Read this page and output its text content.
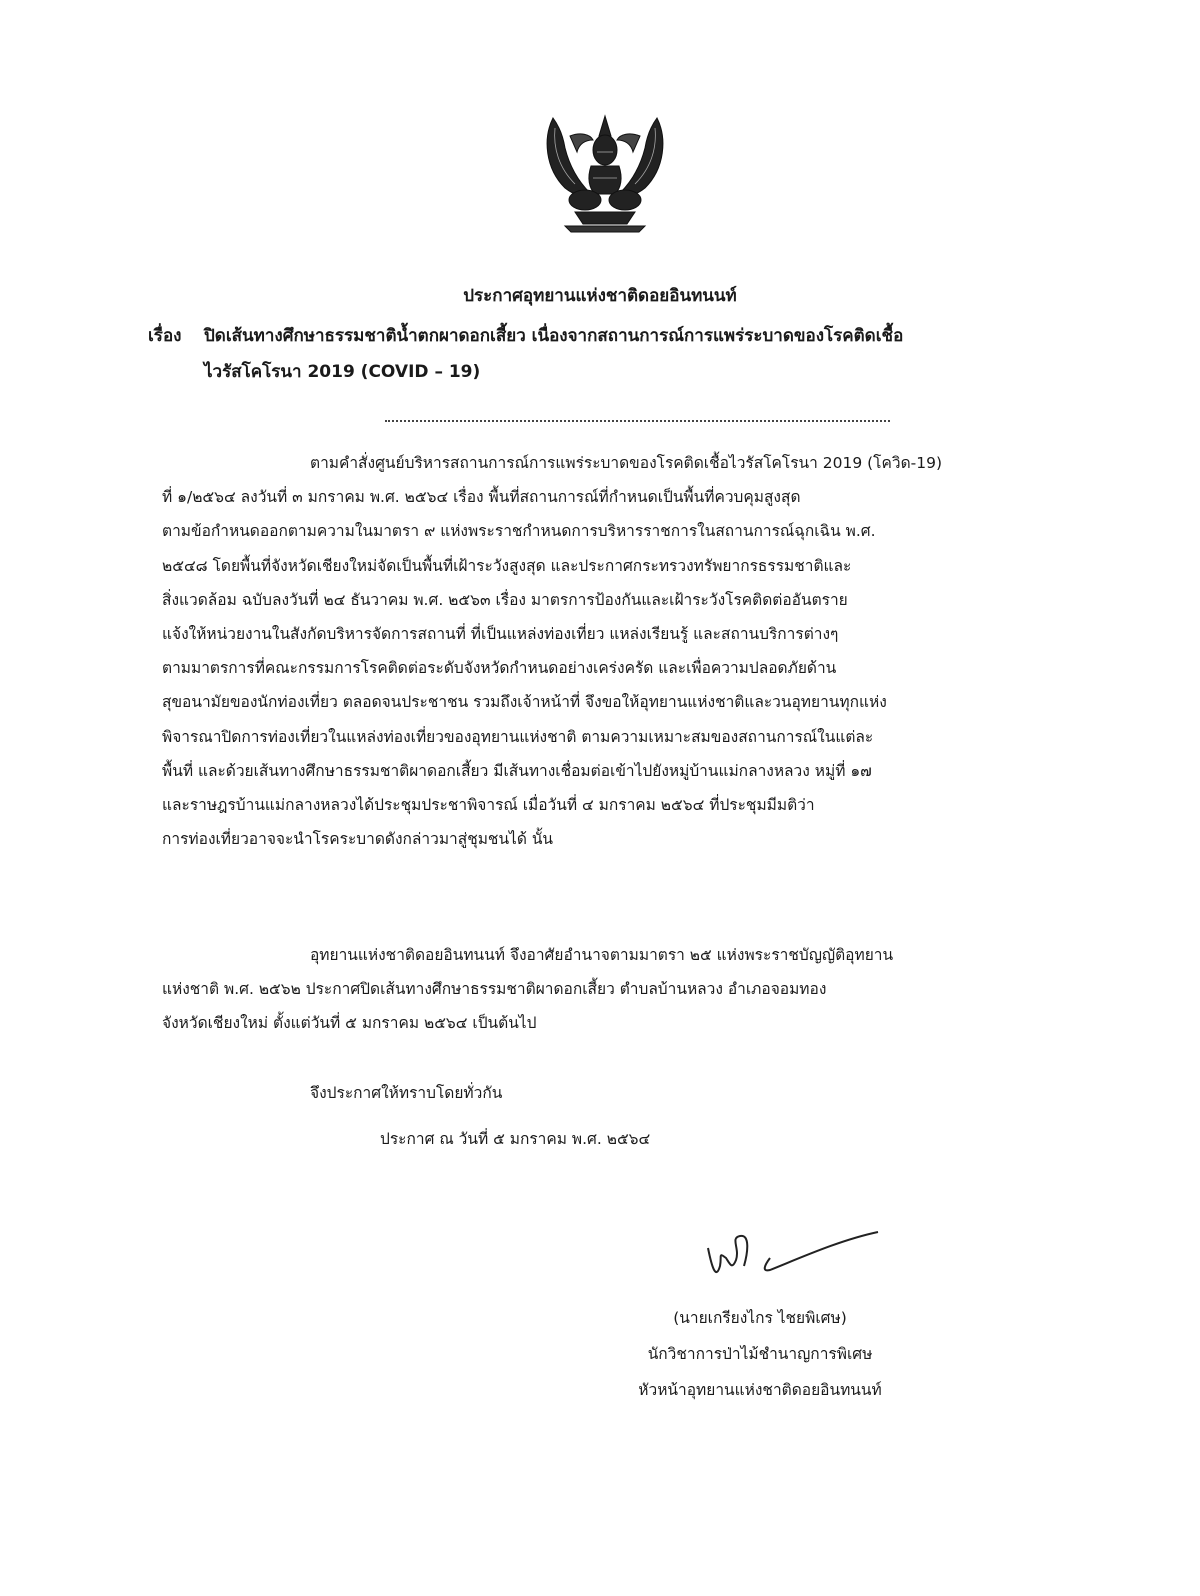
ประกาศอุทยานแห่งชาติดอยอินทนนท์
เรื่อง ปิดเส้นทางศึกษาธรรมชาติน้ำตกผาดอกเสี้ยว เนื่องจากสถานการณ์การแพร่ระบาดของโรคติดเชื้อ
ไวรัสโคโรนา 2019 (COVID – 19)
ตามคำสั่งศูนย์บริหารสถานการณ์การแพร่ระบาดของโรคติดเชื้อไวรัสโคโรนา 2019 (โควิด-19)
ที่ ๑/๒๕๖๔ ลงวันที่ ๓ มกราคม พ.ศ. ๒๕๖๔ เรื่อง พื้นที่สถานการณ์ที่กำหนดเป็นพื้นที่ควบคุมสูงสุด
ตามข้อกำหนดออกตามความในมาตรา ๙ แห่งพระราชกำหนดการบริหารราชการในสถานการณ์ฉุกเฉิน พ.ศ.
๒๕๔๘ โดยพื้นที่จังหวัดเชียงใหม่จัดเป็นพื้นที่เฝ้าระวังสูงสุด และประกาศกระทรวงทรัพยากรธรรมชาติและ
สิ่งแวดล้อม ฉบับลงวันที่ ๒๔ ธันวาคม พ.ศ. ๒๕๖๓ เรื่อง มาตรการป้องกันและเฝ้าระวังโรคติดต่ออันตราย
แจ้งให้หน่วยงานในสังกัดบริหารจัดการสถานที่ ที่เป็นแหล่งท่องเที่ยว แหล่งเรียนรู้ และสถานบริการต่างๆ
ตามมาตรการที่คณะกรรมการโรคติดต่อระดับจังหวัดกำหนดอย่างเคร่งครัด และเพื่อความปลอดภัยด้าน
สุขอนามัยของนักท่องเที่ยว ตลอดจนประชาชน รวมถึงเจ้าหน้าที่ จึงขอให้อุทยานแห่งชาติและวนอุทยานทุกแห่ง
พิจารณาปิดการท่องเที่ยวในแหล่งท่องเที่ยวของอุทยานแห่งชาติ ตามความเหมาะสมของสถานการณ์ในแต่ละ
พื้นที่ และด้วยเส้นทางศึกษาธรรมชาติผาดอกเสี้ยว มีเส้นทางเชื่อมต่อเข้าไปยังหมู่บ้านแม่กลางหลวง หมู่ที่ ๑๗
และราษฎรบ้านแม่กลางหลวงได้ประชุมประชาพิจารณ์ เมื่อวันที่ ๔ มกราคม ๒๕๖๔ ที่ประชุมมีมติว่า
การท่องเที่ยวอาจจะนำโรคระบาดดังกล่าวมาสู่ชุมชนได้ นั้น
อุทยานแห่งชาติดอยอินทนนท์ จึงอาศัยอำนาจตามมาตรา ๒๕ แห่งพระราชบัญญัติอุทยาน
แห่งชาติ พ.ศ. ๒๕๖๒ ประกาศปิดเส้นทางศึกษาธรรมชาติผาดอกเสี้ยว ตำบลบ้านหลวง อำเภอจอมทอง
จังหวัดเชียงใหม่ ตั้งแต่วันที่ ๕ มกราคม ๒๕๖๔ เป็นต้นไป
จึงประกาศให้ทราบโดยทั่วกัน
ประกาศ ณ วันที่ ๕ มกราคม พ.ศ. ๒๕๖๔
(นายเกรียงไกร ไชยพิเศษ)
นักวิชาการป่าไม้ชำนาญการพิเศษ
หัวหน้าอุทยานแห่งชาติดอยอินทนนท์
